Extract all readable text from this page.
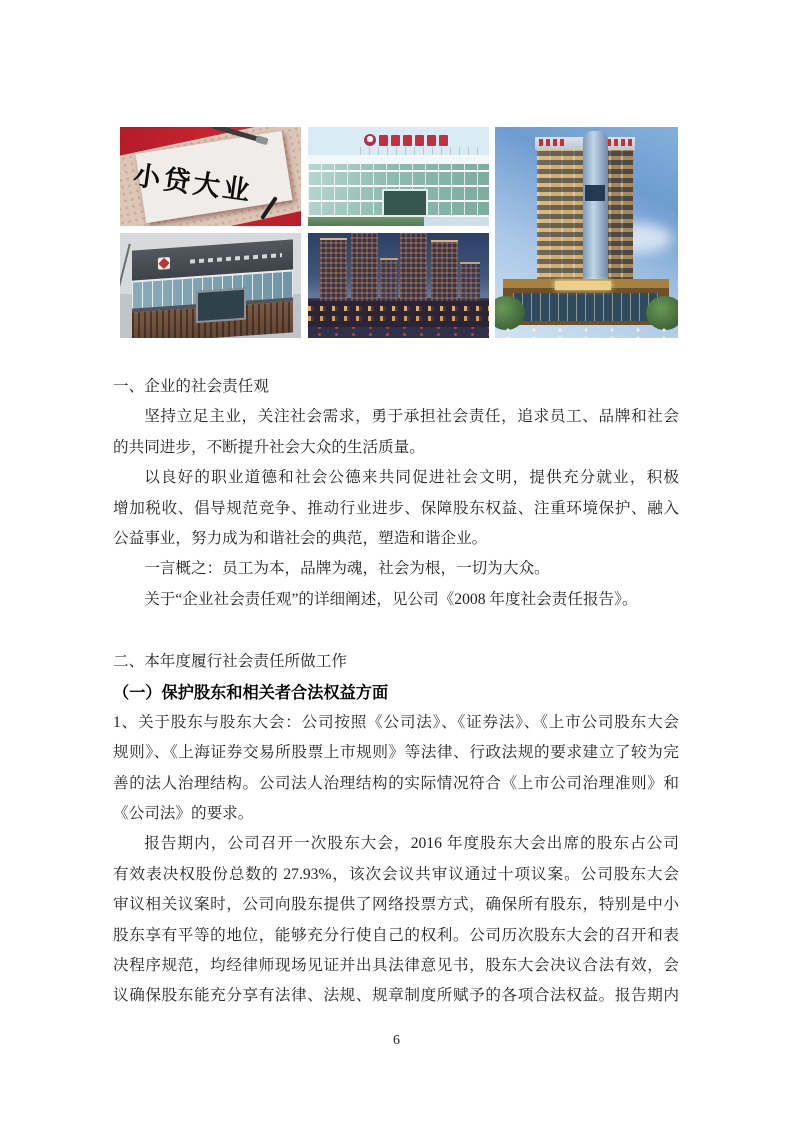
小贷大业
一、企业的社会责任观
坚持立足主业，关注社会需求，勇于承担社会责任，追求员工、品牌和社会
的共同进步，不断提升社会大众的生活质量。
以良好的职业道德和社会公德来共同促进社会文明，提供充分就业，积极
增加税收、倡导规范竞争、推动行业进步、保障股东权益、注重环境保护、融入
公益事业，努力成为和谐社会的典范，塑造和谐企业。
一言概之：员工为本，品牌为魂，社会为根，一切为大众。
关于“企业社会责任观”的详细阐述，见公司《2008 年度社会责任报告》。
二、本年度履行社会责任所做工作
（一）保护股东和相关者合法权益方面
1、关于股东与股东大会：公司按照《公司法》、《证券法》、《上市公司股东大会
规则》、《上海证券交易所股票上市规则》等法律、行政法规的要求建立了较为完
善的法人治理结构。公司法人治理结构的实际情况符合《上市公司治理准则》和
《公司法》的要求。
报告期内，公司召开一次股东大会，2016 年度股东大会出席的股东占公司
有效表决权股份总数的 27.93%，该次会议共审议通过十项议案。公司股东大会
审议相关议案时，公司向股东提供了网络投票方式，确保所有股东，特别是中小
股东享有平等的地位，能够充分行使自己的权利。公司历次股东大会的召开和表
决程序规范，均经律师现场见证并出具法律意见书，股东大会决议合法有效，会
议确保股东能充分享有法律、法规、规章制度所赋予的各项合法权益。报告期内
6
